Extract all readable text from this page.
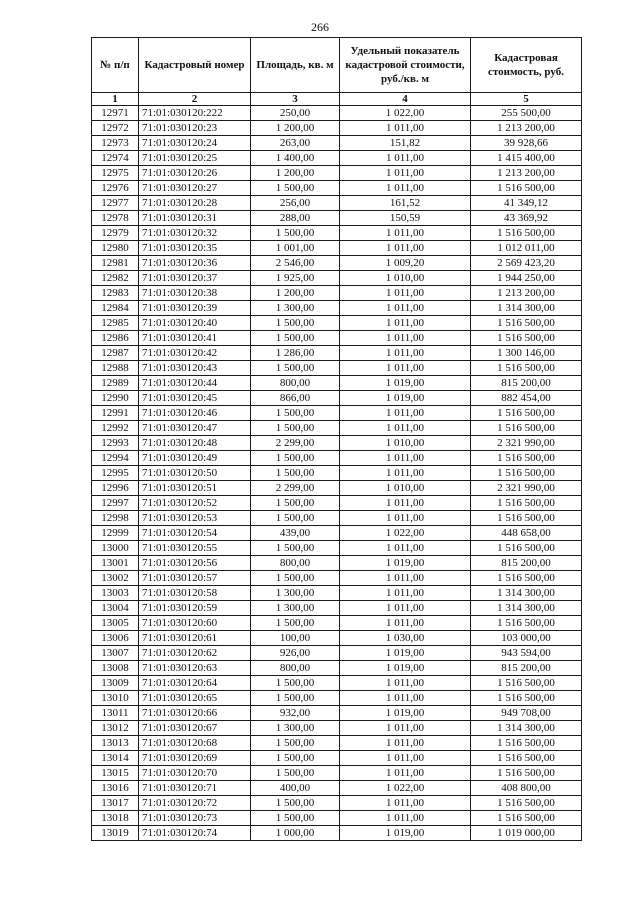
266
№ п/п	Кадастровый номер	Площадь, кв. м	Удельный показатель кадастровой стоимости, руб./кв. м	Кадастровая стоимость, руб.
1	2	3	4	5
12971	71:01:030120:222	250,00	1 022,00	255 500,00
12972	71:01:030120:23	1 200,00	1 011,00	1 213 200,00
12973	71:01:030120:24	263,00	151,82	39 928,66
12974	71:01:030120:25	1 400,00	1 011,00	1 415 400,00
12975	71:01:030120:26	1 200,00	1 011,00	1 213 200,00
12976	71:01:030120:27	1 500,00	1 011,00	1 516 500,00
12977	71:01:030120:28	256,00	161,52	41 349,12
12978	71:01:030120:31	288,00	150,59	43 369,92
12979	71:01:030120:32	1 500,00	1 011,00	1 516 500,00
12980	71:01:030120:35	1 001,00	1 011,00	1 012 011,00
12981	71:01:030120:36	2 546,00	1 009,20	2 569 423,20
12982	71:01:030120:37	1 925,00	1 010,00	1 944 250,00
12983	71:01:030120:38	1 200,00	1 011,00	1 213 200,00
12984	71:01:030120:39	1 300,00	1 011,00	1 314 300,00
12985	71:01:030120:40	1 500,00	1 011,00	1 516 500,00
12986	71:01:030120:41	1 500,00	1 011,00	1 516 500,00
12987	71:01:030120:42	1 286,00	1 011,00	1 300 146,00
12988	71:01:030120:43	1 500,00	1 011,00	1 516 500,00
12989	71:01:030120:44	800,00	1 019,00	815 200,00
12990	71:01:030120:45	866,00	1 019,00	882 454,00
12991	71:01:030120:46	1 500,00	1 011,00	1 516 500,00
12992	71:01:030120:47	1 500,00	1 011,00	1 516 500,00
12993	71:01:030120:48	2 299,00	1 010,00	2 321 990,00
12994	71:01:030120:49	1 500,00	1 011,00	1 516 500,00
12995	71:01:030120:50	1 500,00	1 011,00	1 516 500,00
12996	71:01:030120:51	2 299,00	1 010,00	2 321 990,00
12997	71:01:030120:52	1 500,00	1 011,00	1 516 500,00
12998	71:01:030120:53	1 500,00	1 011,00	1 516 500,00
12999	71:01:030120:54	439,00	1 022,00	448 658,00
13000	71:01:030120:55	1 500,00	1 011,00	1 516 500,00
13001	71:01:030120:56	800,00	1 019,00	815 200,00
13002	71:01:030120:57	1 500,00	1 011,00	1 516 500,00
13003	71:01:030120:58	1 300,00	1 011,00	1 314 300,00
13004	71:01:030120:59	1 300,00	1 011,00	1 314 300,00
13005	71:01:030120:60	1 500,00	1 011,00	1 516 500,00
13006	71:01:030120:61	100,00	1 030,00	103 000,00
13007	71:01:030120:62	926,00	1 019,00	943 594,00
13008	71:01:030120:63	800,00	1 019,00	815 200,00
13009	71:01:030120:64	1 500,00	1 011,00	1 516 500,00
13010	71:01:030120:65	1 500,00	1 011,00	1 516 500,00
13011	71:01:030120:66	932,00	1 019,00	949 708,00
13012	71:01:030120:67	1 300,00	1 011,00	1 314 300,00
13013	71:01:030120:68	1 500,00	1 011,00	1 516 500,00
13014	71:01:030120:69	1 500,00	1 011,00	1 516 500,00
13015	71:01:030120:70	1 500,00	1 011,00	1 516 500,00
13016	71:01:030120:71	400,00	1 022,00	408 800,00
13017	71:01:030120:72	1 500,00	1 011,00	1 516 500,00
13018	71:01:030120:73	1 500,00	1 011,00	1 516 500,00
13019	71:01:030120:74	1 000,00	1 019,00	1 019 000,00
